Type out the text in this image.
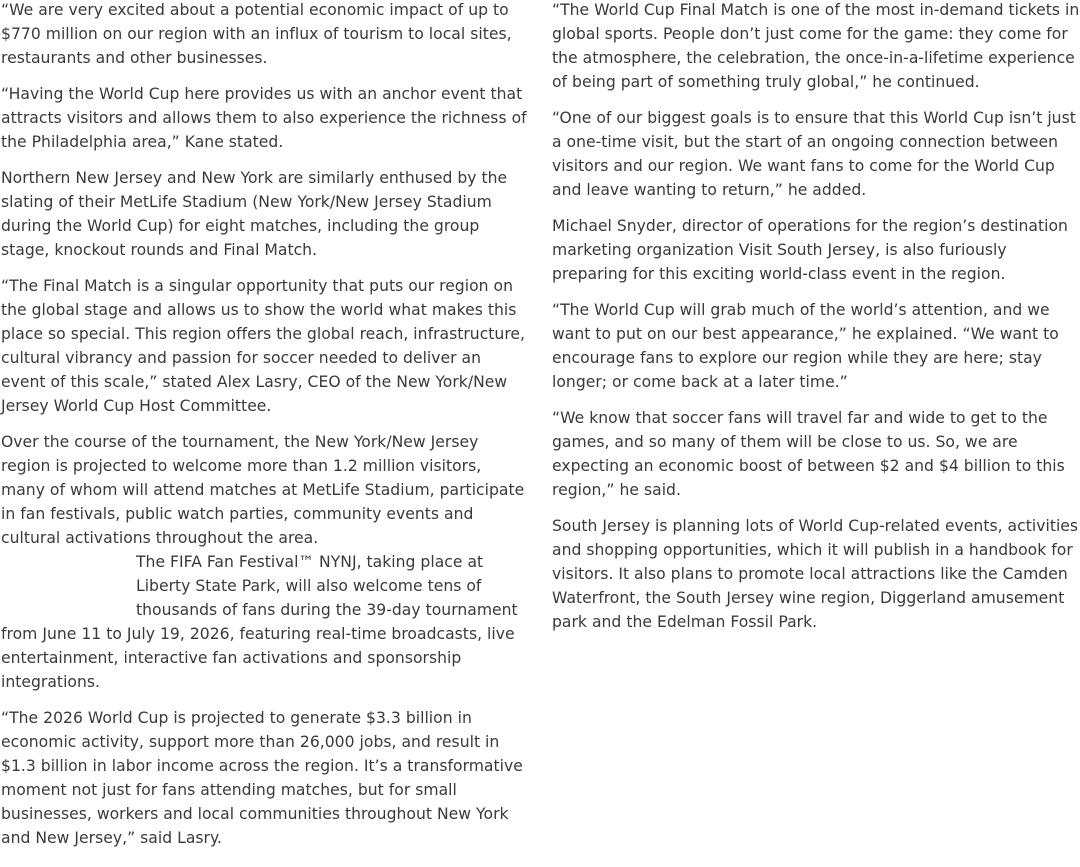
“We are very excited about a potential economic impact of up to $770 million on our region with an influx of tourism to local sites, restaurants and other businesses.

“Having the World Cup here provides us with an anchor event that attracts visitors and allows them to also experience the richness of the Philadelphia area,” Kane stated.

Northern New Jersey and New York are similarly enthused by the slating of their MetLife Stadium (New York/New Jersey Stadium during the World Cup) for eight matches, including the group stage, knockout rounds and Final Match.

“The Final Match is a singular opportunity that puts our region on the global stage and allows us to show the world what makes this place so special. This region offers the global reach, infrastructure, cultural vibrancy and passion for soccer needed to deliver an event of this scale,” stated Alex Lasry, CEO of the New York/New Jersey World Cup Host Committee.

Over the course of the tournament, the New York/New Jersey region is projected to welcome more than 1.2 million visitors, many of whom will attend matches at MetLife Stadium, participate in fan festivals, public watch parties, community events and cultural activations throughout the area.
The FIFA Fan Festival™ NYNJ, taking place at Liberty State Park, will also welcome tens of thousands of fans during the 39-day tournament
from June 11 to July 19, 2026, featuring real-time broadcasts, live entertainment, interactive fan activations and sponsorship integrations.

“The 2026 World Cup is projected to generate $3.3 billion in economic activity, support more than 26,000 jobs, and result in $1.3 billion in labor income across the region. It’s a transformative moment not just for fans attending matches, but for small businesses, workers and local communities throughout New York and New Jersey,” said Lasry.

“The World Cup Final Match is one of the most in-demand tickets in global sports. People don’t just come for the game: they come for the atmosphere, the celebration, the once-in-a-lifetime experience of being part of something truly global,” he continued.

“One of our biggest goals is to ensure that this World Cup isn’t just a one-time visit, but the start of an ongoing connection between visitors and our region. We want fans to come for the World Cup and leave wanting to return,” he added.

Michael Snyder, director of operations for the region’s destination marketing organization Visit South Jersey, is also furiously preparing for this exciting world-class event in the region.

“The World Cup will grab much of the world’s attention, and we want to put on our best appearance,” he explained. “We want to encourage fans to explore our region while they are here; stay longer; or come back at a later time.”

“We know that soccer fans will travel far and wide to get to the games, and so many of them will be close to us. So, we are expecting an economic boost of between $2 and $4 billion to this region,” he said.

South Jersey is planning lots of World Cup-related events, activities and shopping opportunities, which it will publish in a handbook for visitors. It also plans to promote local attractions like the Camden Waterfront, the South Jersey wine region, Diggerland amusement park and the Edelman Fossil Park.
